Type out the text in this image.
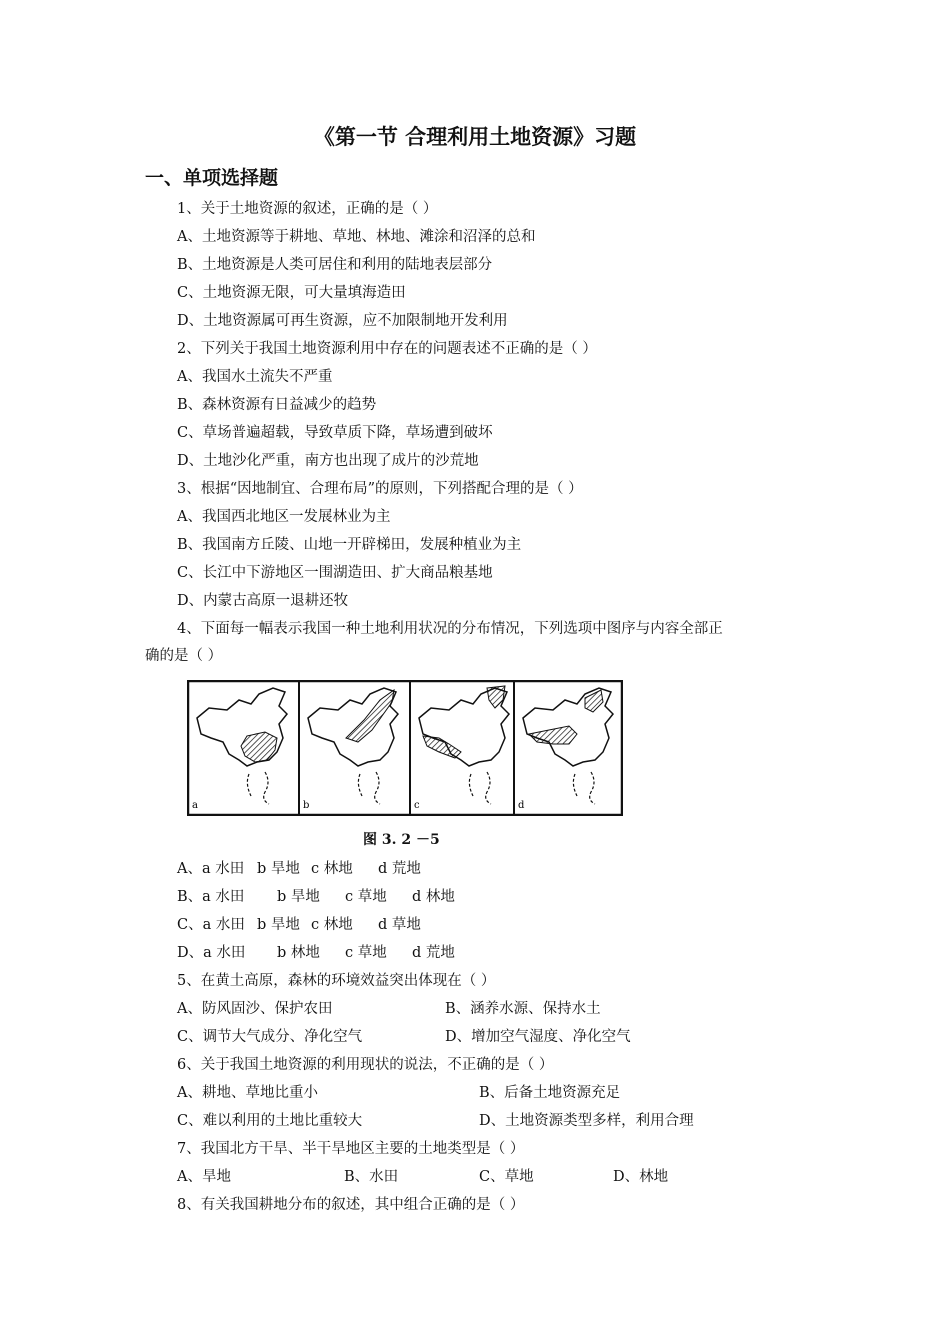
《第一节 合理利用土地资源》习题
一、单项选择题
1、关于土地资源的叙述，正确的是（ ）
A、土地资源等于耕地、草地、林地、滩涂和沼泽的总和
B、土地资源是人类可居住和利用的陆地表层部分
C、土地资源无限，可大量填海造田
D、土地资源属可再生资源，应不加限制地开发利用
2、下列关于我国土地资源利用中存在的问题表述不正确的是（ ）
A、我国水土流失不严重
B、森林资源有日益减少的趋势
C、草场普遍超载，导致草质下降，草场遭到破坏
D、土地沙化严重，南方也出现了成片的沙荒地
3、根据“因地制宜、合理布局”的原则，下列搭配合理的是（ ）
A、我国西北地区一发展林业为主
B、我国南方丘陵、山地一开辟梯田，发展种植业为主
C、长江中下游地区一围湖造田、扩大商品粮基地
D、内蒙古高原一退耕还牧
4、下面每一幅表示我国一种土地利用状况的分布情况，下列选项中图序与内容全部正
确的是（ ）
a	b	c	d
图 3. 2 －5
A、a 水田 b 旱地 c 林地 d 荒地
B、a 水田 b 旱地 c 草地 d 林地
C、a 水田 b 旱地 c 林地 d 草地
D、a 水田 b 林地 c 草地 d 荒地
5、在黄土高原，森林的环境效益突出体现在（ ）
A、防风固沙、保护农田	B、涵养水源、保持水土
C、调节大气成分、净化空气	D、增加空气湿度、净化空气
6、关于我国土地资源的利用现状的说法，不正确的是（ ）
A、耕地、草地比重小	B、后备土地资源充足
C、难以利用的土地比重较大	D、土地资源类型多样，利用合理
7、我国北方干旱、半干旱地区主要的土地类型是（ ）
A、旱地	B、水田	C、草地	D、林地
8、有关我国耕地分布的叙述，其中组合正确的是（ ）
